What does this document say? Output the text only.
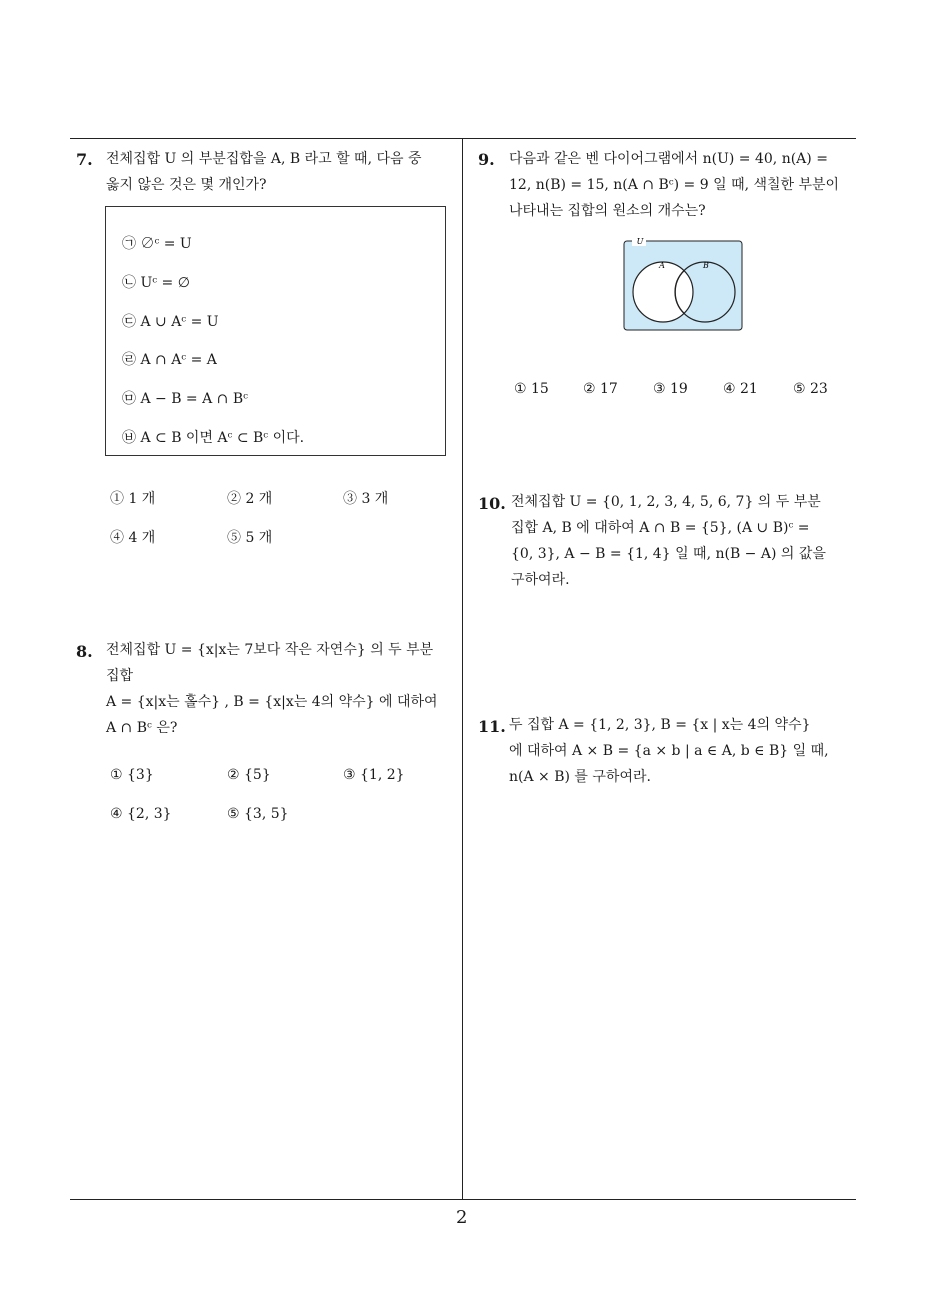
7. 전체집합 U 의 부분집합을 A, B 라고 할 때, 다음 중
옳지 않은 것은 몇 개인가?
㉠ ∅ᶜ = U
㉡ Uᶜ = ∅
㉢ A ∪ Aᶜ = U
㉣ A ∩ Aᶜ = A
㉤ A − B = A ∩ Bᶜ
㉥ A ⊂ B 이면 Aᶜ ⊂ Bᶜ 이다.
① 1 개	② 2 개	③ 3 개
④ 4 개	⑤ 5 개
8. 전체집합 U = {x|x는 7보다 작은 자연수} 의 두 부분
집합
A = {x|x는 홀수} , B = {x|x는 4의 약수} 에 대하여
A ∩ Bᶜ 은?
① {3}	② {5}	③ {1, 2}
④ {2, 3}	⑤ {3, 5}
9. 다음과 같은 벤 다이어그램에서 n(U) = 40, n(A) =
12, n(B) = 15, n(A ∩ Bᶜ) = 9 일 때, 색칠한 부분이
나타내는 집합의 원소의 개수는?
U
A	B
① 15 ② 17	③ 19	④ 21	⑤ 23
10. 전체집합 U = {0, 1, 2, 3, 4, 5, 6, 7} 의 두 부분
집합 A, B 에 대하여 A ∩ B = {5}, (A ∪ B)ᶜ =
{0, 3}, A − B = {1, 4} 일 때, n(B − A) 의 값을
구하여라.
11. 두 집합 A = {1, 2, 3}, B = {x | x는 4의 약수}
에 대하여 A × B = {a × b | a ∈ A, b ∈ B} 일 때,
n(A × B) 를 구하여라.
2
